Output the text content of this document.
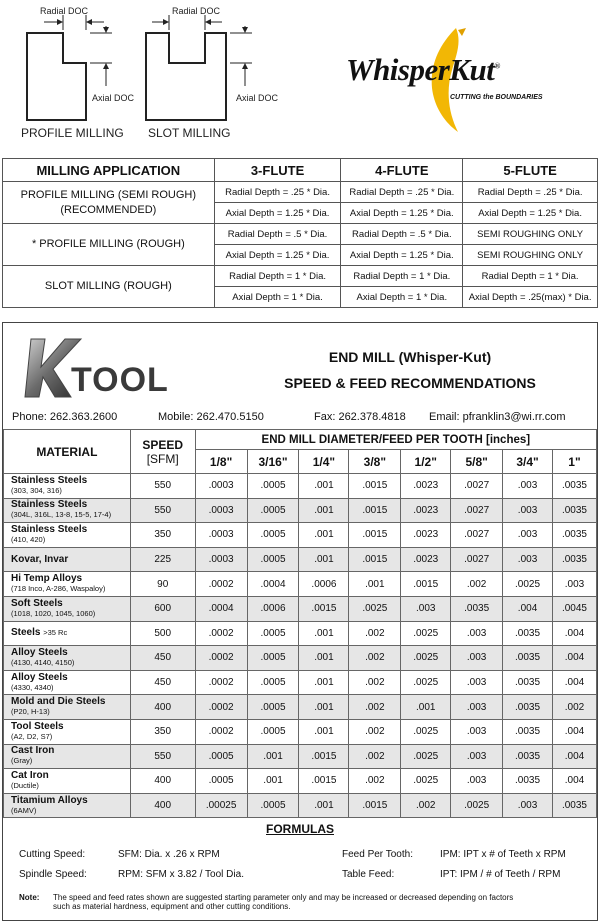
Radial DOC
Axial DOC
PROFILE MILLING
Radial DOC
Axial DOC
SLOT MILLING
WhisperKut®
CUTTING the BOUNDARIES
MILLING APPLICATION	3-FLUTE	4-FLUTE	5-FLUTE
PROFILE MILLING (SEMI ROUGH)
(RECOMMENDED)	Radial Depth = .25 * Dia.	Radial Depth = .25 * Dia.	Radial Depth = .25 * Dia.
	Axial Depth = 1.25 * Dia.	Axial Depth = 1.25 * Dia.	Axial Depth = 1.25 * Dia.
* PROFILE MILLING (ROUGH)	Radial Depth = .5 * Dia.	Radial Depth = .5 * Dia.	SEMI ROUGHING ONLY
	Axial Depth = 1.25 * Dia.	Axial Depth = 1.25 * Dia.	SEMI ROUGHING ONLY
SLOT MILLING (ROUGH)	Radial Depth = 1 * Dia.	Radial Depth = 1 * Dia.	Radial Depth = 1 * Dia.
	Axial Depth = 1 * Dia.	Axial Depth = 1 * Dia.	Axial Depth = .25(max) * Dia.
TOOL
END MILL (Whisper-Kut)
SPEED & FEED RECOMMENDATIONS
Phone: 262.363.2600	Mobile: 262.470.5150	Fax: 262.378.4818 Email: pfranklin3@wi.rr.com
MATERIAL	SPEED
[SFM]	END MILL DIAMETER/FEED PER TOOTH [inches]							
		1/8"	3/16"	1/4"	3/8"	1/2"	5/8"	3/4"	1"
Stainless Steels
(303, 304, 316)	550	.0003	.0005	.001	.0015	.0023	.0027	.003	.0035
Stainless Steels
(304L, 316L, 13-8, 15-5, 17-4)	550	.0003	.0005	.001	.0015	.0023	.0027	.003	.0035
Stainless Steels
(410, 420)	350	.0003	.0005	.001	.0015	.0023	.0027	.003	.0035
Kovar, Invar	225	.0003	.0005	.001	.0015	.0023	.0027	.003	.0035
Hi Temp Alloys
(718 Inco, A-286, Waspaloy)	90	.0002	.0004	.0006	.001	.0015	.002	.0025	.003
Soft Steels
(1018, 1020, 1045, 1060)	600	.0004	.0006	.0015	.0025	.003	.0035	.004	.0045
Steels >35 Rc	500	.0002	.0005	.001	.002	.0025	.003	.0035	.004
Alloy Steels
(4130, 4140, 4150)	450	.0002	.0005	.001	.002	.0025	.003	.0035	.004
Alloy Steels
(4330, 4340)	450	.0002	.0005	.001	.002	.0025	.003	.0035	.004
Mold and Die Steels
(P20, H-13)	400	.0002	.0005	.001	.002	.001	.003	.0035	.002
Tool Steels
(A2, D2, S7)	350	.0002	.0005	.001	.002	.0025	.003	.0035	.004
Cast Iron
(Gray)	550	.0005	.001	.0015	.002	.0025	.003	.0035	.004
Cat Iron
(Ductile)	400	.0005	.001	.0015	.002	.0025	.003	.0035	.004
Titamium Alloys
(6AMV)	400	.00025	.0005	.001	.0015	.002	.0025	.003	.0035
FORMULAS
Cutting Speed:	SFM: Dia. x .26 x RPM
Spindle Speed:	RPM: SFM x 3.82 / Tool Dia.
Feed Per Tooth:	IPM: IPT x # of Teeth x RPM
Table Feed:	IPT: IPM / # of Teeth / RPM
Note: The speed and feed rates shown are suggested starting parameter only and may be increased or decreased depending on factors
such as material hardness, equipment and other cutting conditions.
